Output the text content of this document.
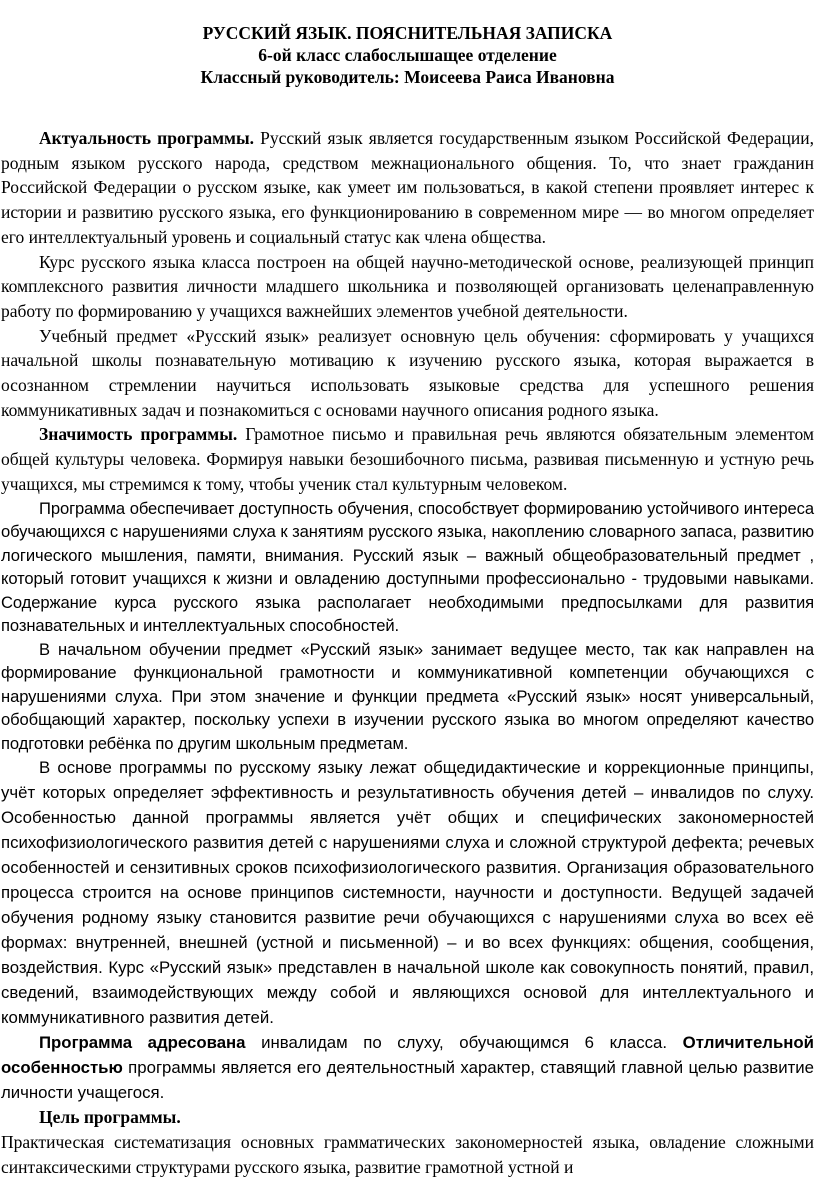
РУССКИЙ ЯЗЫК. ПОЯСНИТЕЛЬНАЯ ЗАПИСКА
6-ой класс слабослышащее отделение
Классный руководитель: Моисеева Раиса Ивановна

Актуальность программы. Русский язык является государственным языком Российской Федерации, родным языком русского народа, средством межнационального общения. То, что знает гражданин Российской Федерации о русском языке, как умеет им пользоваться, в какой степени проявляет интерес к истории и развитию русского языка, его функционированию в современном мире — во многом определяет его интеллектуальный уровень и социальный статус как члена общества.

Курс русского языка класса построен на общей научно-методической основе, реализующей принцип комплексного развития личности младшего школьника и позволяющей организовать целенаправленную работу по формированию у учащихся важнейших элементов учебной деятельности.

Учебный предмет «Русский язык» реализует основную цель обучения: сформировать у учащихся начальной школы познавательную мотивацию к изучению русского языка, которая выражается в осознанном стремлении научиться использовать языковые средства для успешного решения коммуникативных задач и познакомиться с основами научного описания родного языка.

Значимость программы. Грамотное письмо и правильная речь являются обязательным элементом общей культуры человека. Формируя навыки безошибочного письма, развивая письменную и устную речь учащихся, мы стремимся к тому, чтобы ученик стал культурным человеком.

Программа обеспечивает доступность обучения, способствует формированию устойчивого интереса обучающихся с нарушениями слуха к занятиям русского языка, накоплению словарного запаса, развитию логического мышления, памяти, внимания. Русский язык – важный общеобразовательный предмет , который готовит учащихся к жизни и овладению доступными профессионально - трудовыми навыками. Содержание курса русского языка располагает необходимыми предпосылками для развития познавательных и интеллектуальных способностей.

В начальном обучении предмет «Русский язык» занимает ведущее место, так как направлен на формирование функциональной грамотности и коммуникативной компетенции обучающихся с нарушениями слуха. При этом значение и функции предмета «Русский язык» носят универсальный, обобщающий характер, поскольку успехи в изучении русского языка во многом определяют качество подготовки ребёнка по другим школьным предметам.

В основе программы по русскому языку лежат общедидактические и коррекционные принципы, учёт которых определяет эффективность и результативность обучения детей – инвалидов по слуху. Особенностью данной программы является учёт общих и специфических закономерностей психофизиологического развития детей с нарушениями слуха и сложной структурой дефекта; речевых особенностей и сензитивных сроков психофизиологического развития. Организация образовательного процесса строится на основе принципов системности, научности и доступности. Ведущей задачей обучения родному языку становится развитие речи обучающихся с нарушениями слуха во всех её формах: внутренней, внешней (устной и письменной) – и во всех функциях: общения, сообщения, воздействия. Курс «Русский язык» представлен в начальной школе как совокупность понятий, правил, сведений, взаимодействующих между собой и являющихся основой для интеллектуального и коммуникативного развития детей.

Программа адресована инвалидам по слуху, обучающимся 6 класса. Отличительной особенностью программы является его деятельностный характер, ставящий главной целью развитие личности учащегося.

Цель программы.

Практическая систематизация основных грамматических закономерностей языка, овладение сложными синтаксическими структурами русского языка, развитие грамотной устной и
